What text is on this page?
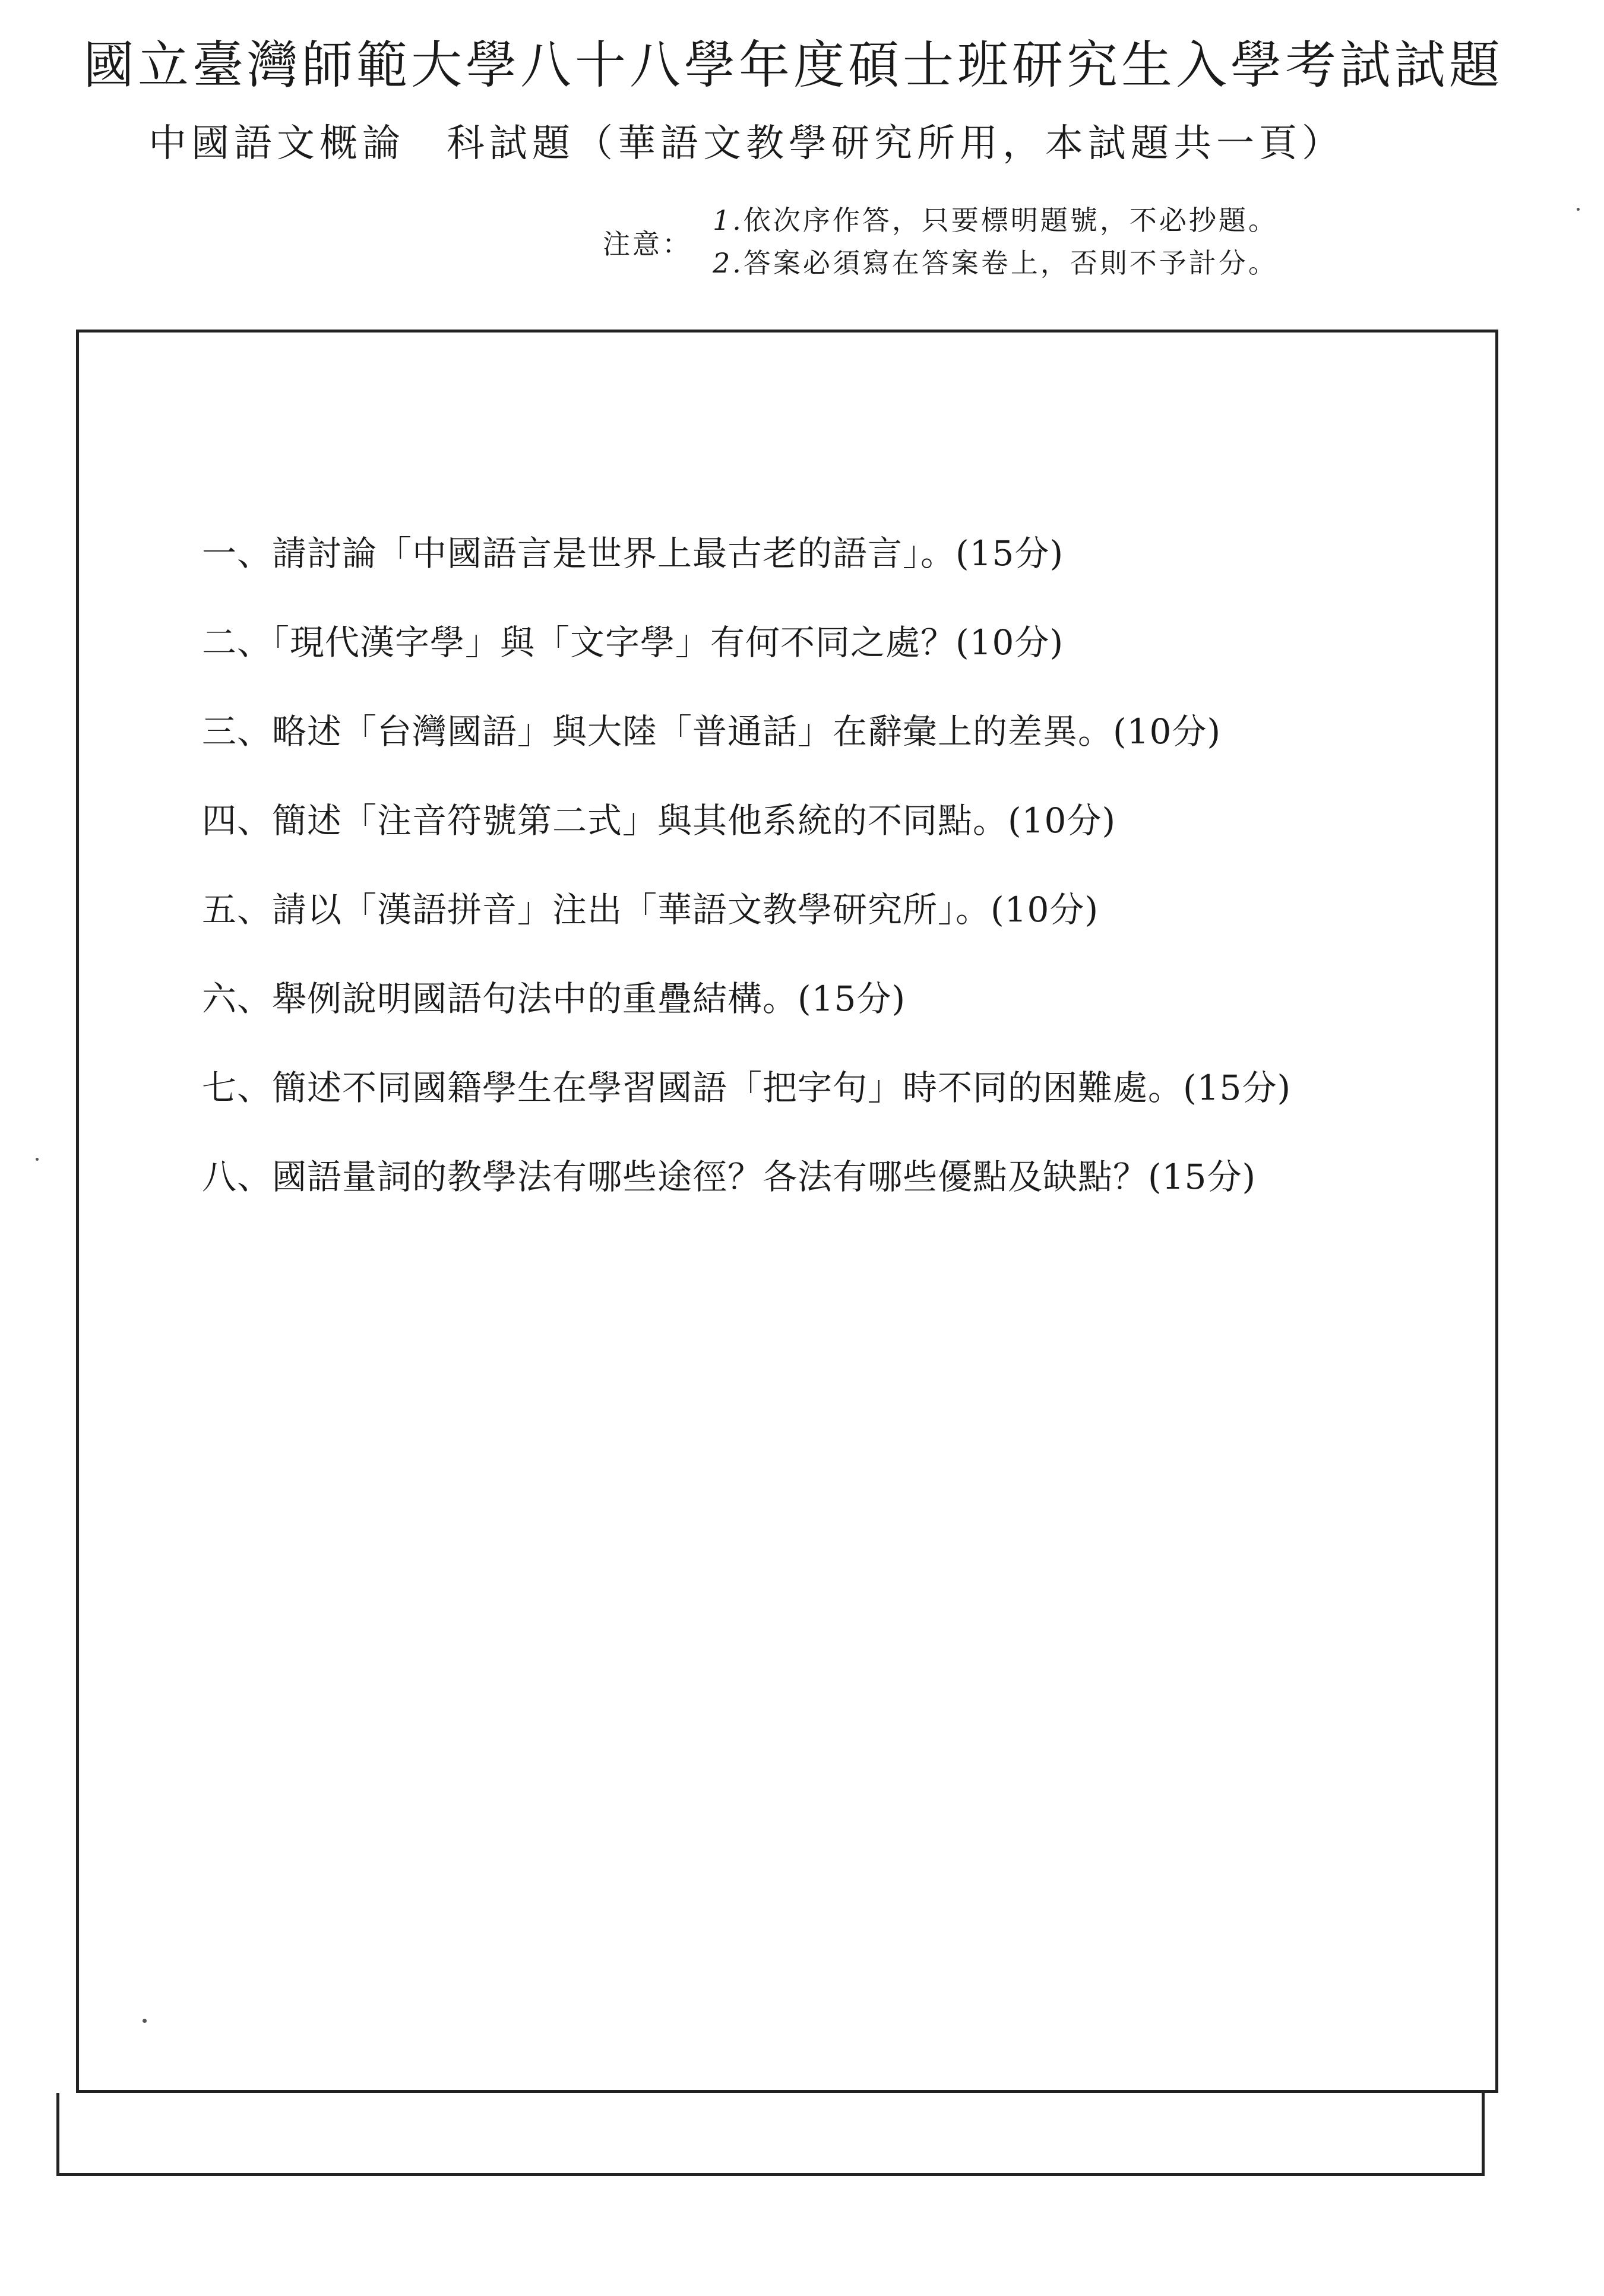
國立臺灣師範大學八十八學年度碩士班研究生入學考試試題
中國語文概論 科試題（華語文教學研究所用，本試題共一頁）
注意：
1.依次序作答，只要標明題號，不必抄題。
2.答案必須寫在答案卷上，否則不予計分。
一、請討論「中國語言是世界上最古老的語言」。(15分)
二、「現代漢字學」與「文字學」有何不同之處？(10分)
三、略述「台灣國語」與大陸「普通話」在辭彙上的差異。(10分)
四、簡述「注音符號第二式」與其他系統的不同點。(10分)
五、請以「漢語拼音」注出「華語文教學研究所」。(10分)
六、舉例說明國語句法中的重疊結構。(15分)
七、簡述不同國籍學生在學習國語「把字句」時不同的困難處。(15分)
八、國語量詞的教學法有哪些途徑？各法有哪些優點及缺點？(15分)
